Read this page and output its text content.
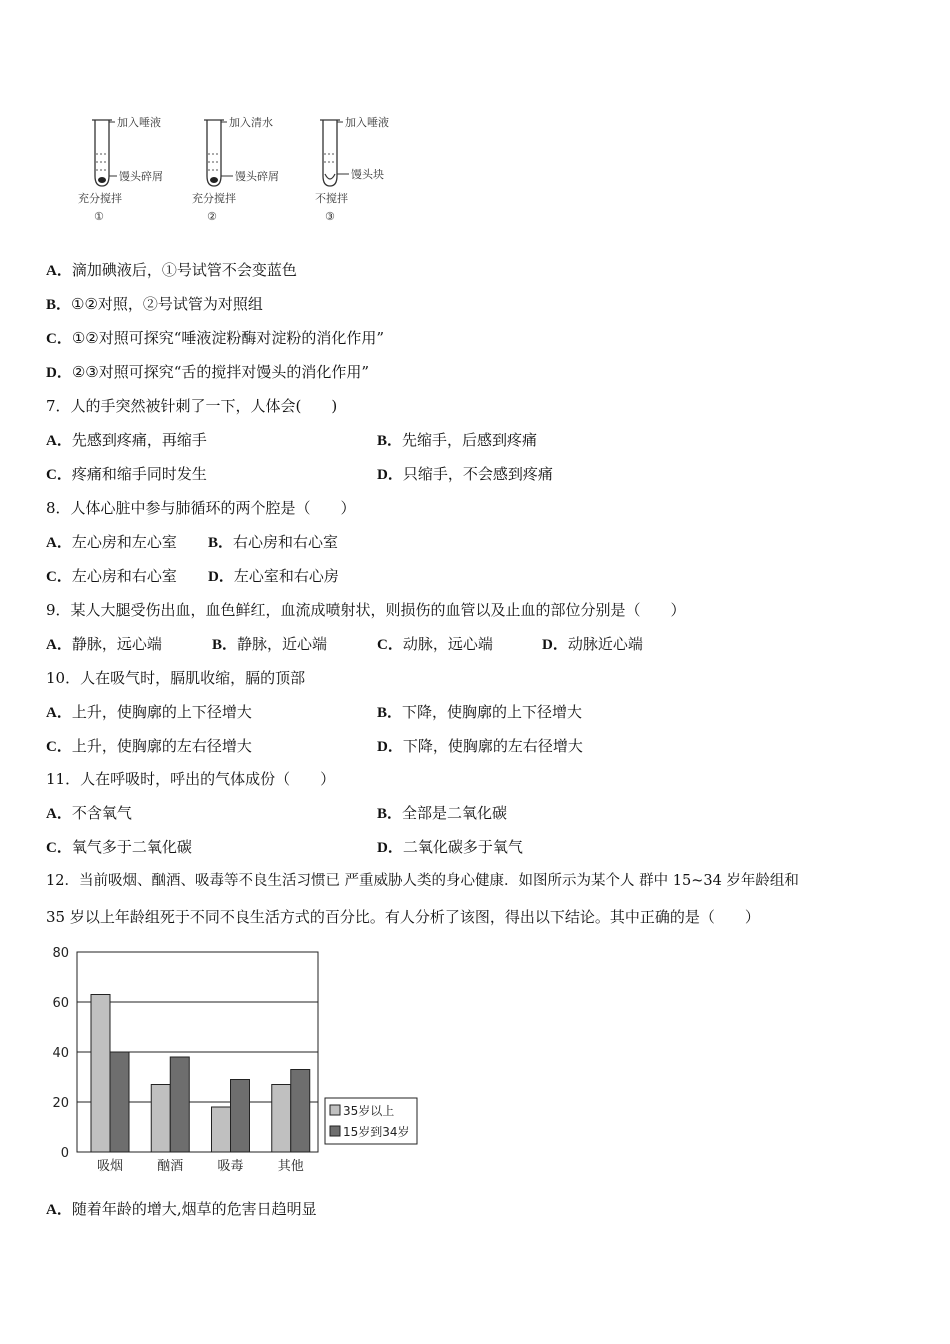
加入唾液
馒头碎屑
充分搅拌
①
加入清水
馒头碎屑
充分搅拌
②
加入唾液
馒头块
不搅拌
③
A．滴加碘液后，①号试管不会变蓝色
B．①②对照，②号试管为对照组
C．①②对照可探究“唾液淀粉酶对淀粉的消化作用”
D．②③对照可探究“舌的搅拌对馒头的消化作用”
7．人的手突然被针刺了一下，人体会(　　)
A．先感到疼痛，再缩手	B．先缩手，后感到疼痛
C．疼痛和缩手同时发生	D．只缩手，不会感到疼痛
8．人体心脏中参与肺循环的两个腔是（　　）
A．左心房和左心室 B．右心房和右心室
C．左心房和右心室 D．左心室和右心房
9．某人大腿受伤出血，血色鲜红，血流成喷射状，则损伤的血管以及止血的部位分别是（　　）
A．静脉，远心端	B．静脉，近心端	C．动脉，远心端	D．动脉近心端
10．人在吸气时，膈肌收缩，膈的顶部
A．上升，使胸廓的上下径增大	B．下降，使胸廓的上下径增大
C．上升，使胸廓的左右径增大	D．下降，使胸廓的左右径增大
11．人在呼吸时，呼出的气体成份（　　）
A．不含氧气	B．全部是二氧化碳
C．氧气多于二氧化碳	D．二氧化碳多于氧气
12．当前吸烟、酗酒、吸毒等不良生活习惯已 严重威胁人类的身心健康．如图所示为某个人 群中 15~34 岁年龄组和
35 岁以上年龄组死于不同不良生活方式的百分比。有人分析了该图，得出以下结论。其中正确的是（　　）
80
60
40
20
0
吸烟	酗酒	吸毒	其他
35岁以上
15岁到34岁
A．随着年龄的增大,烟草的危害日趋明显
